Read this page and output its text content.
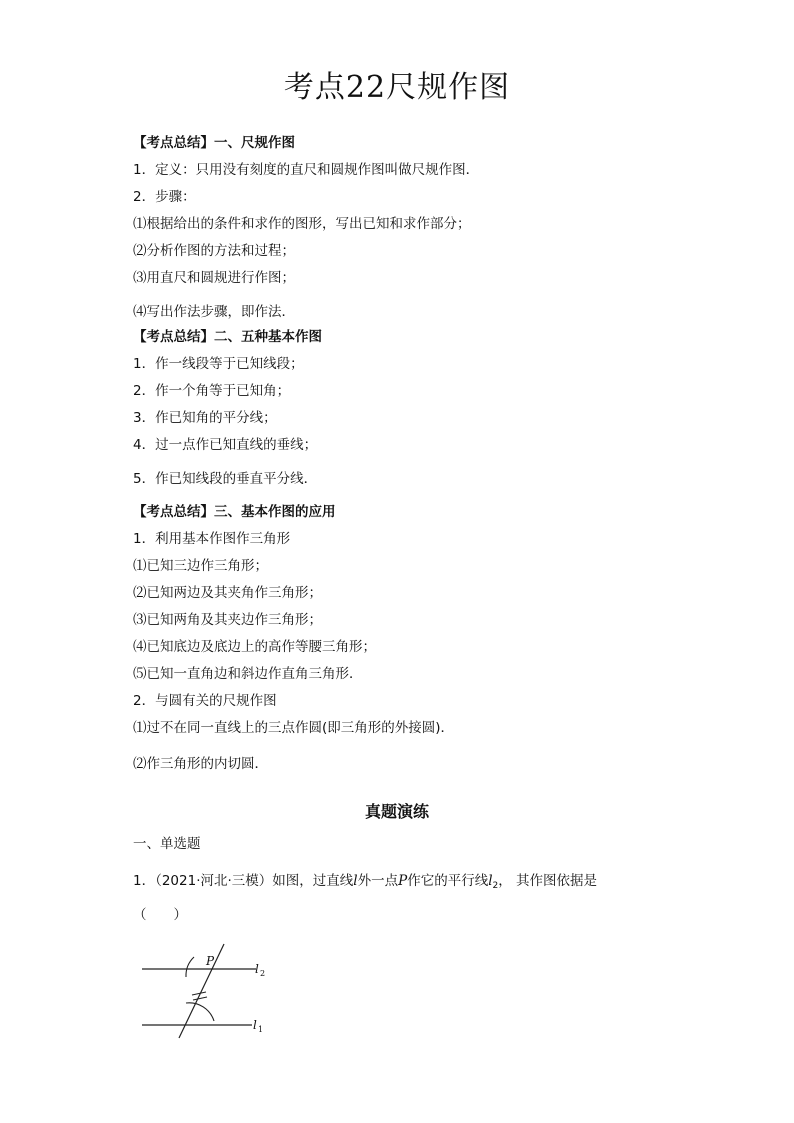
考点22尺规作图
【考点总结】一、尺规作图
1．定义：只用没有刻度的直尺和圆规作图叫做尺规作图．
2．步骤：
⑴根据给出的条件和求作的图形，写出已知和求作部分；
⑵分析作图的方法和过程；
⑶用直尺和圆规进行作图；
⑷写出作法步骤，即作法．
【考点总结】二、五种基本作图
1．作一线段等于已知线段；
2．作一个角等于已知角；
3．作已知角的平分线；
4．过一点作已知直线的垂线；
5．作已知线段的垂直平分线．
【考点总结】三、基本作图的应用
1．利用基本作图作三角形
⑴已知三边作三角形；
⑵已知两边及其夹角作三角形；
⑶已知两角及其夹边作三角形；
⑷已知底边及底边上的高作等腰三角形；
⑸已知一直角边和斜边作直角三角形．
2．与圆有关的尺规作图
⑴过不在同一直线上的三点作圆(即三角形的外接圆)．
⑵作三角形的内切圆．
真题演练
一、单选题
1．（2021·河北·三模）如图，过直线l外一点P作它的平行线$l_2$， 其作图依据是
（　　）
P
l 2
l 1
